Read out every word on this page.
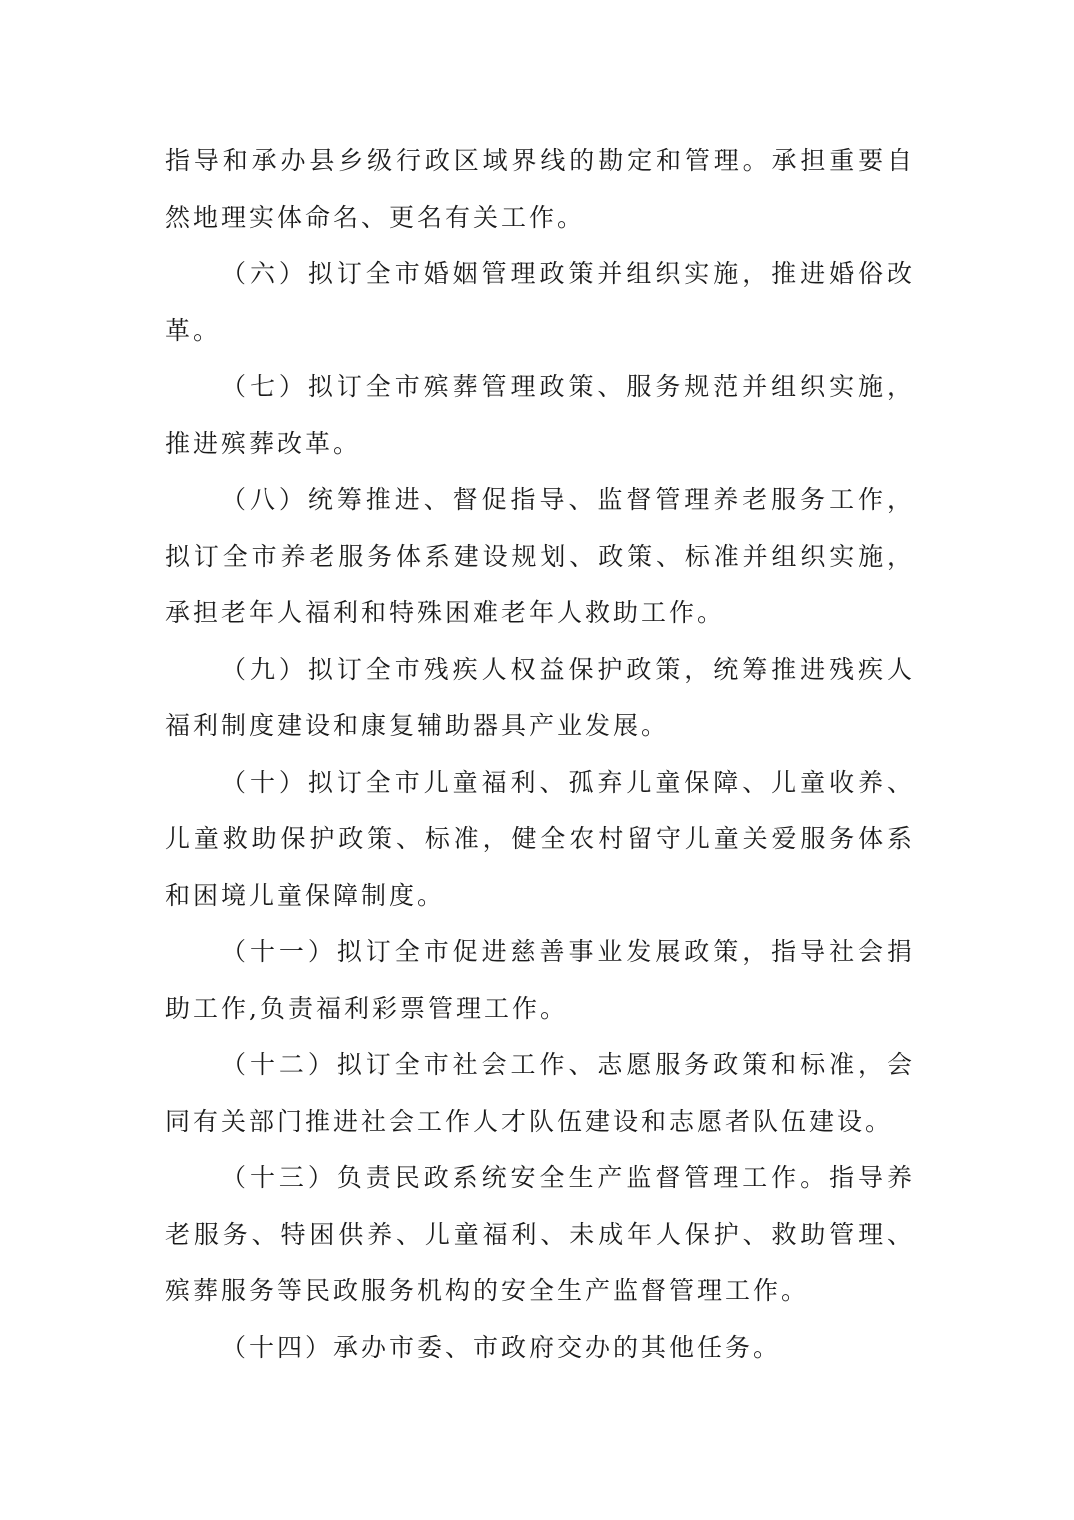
指导和承办县乡级行政区域界线的勘定和管理。承担重要自然地理实体命名、更名有关工作。

（六）拟订全市婚姻管理政策并组织实施，推进婚俗改革。

（七）拟订全市殡葬管理政策、服务规范并组织实施，推进殡葬改革。

（八）统筹推进、督促指导、监督管理养老服务工作，拟订全市养老服务体系建设规划、政策、标准并组织实施，承担老年人福利和特殊困难老年人救助工作。

（九）拟订全市残疾人权益保护政策，统筹推进残疾人福利制度建设和康复辅助器具产业发展。

（十）拟订全市儿童福利、孤弃儿童保障、儿童收养、儿童救助保护政策、标准，健全农村留守儿童关爱服务体系和困境儿童保障制度。

（十一）拟订全市促进慈善事业发展政策，指导社会捐助工作,负责福利彩票管理工作。

（十二）拟订全市社会工作、志愿服务政策和标准，会同有关部门推进社会工作人才队伍建设和志愿者队伍建设。

（十三）负责民政系统安全生产监督管理工作。指导养老服务、特困供养、儿童福利、未成年人保护、救助管理、殡葬服务等民政服务机构的安全生产监督管理工作。

（十四）承办市委、市政府交办的其他任务。
